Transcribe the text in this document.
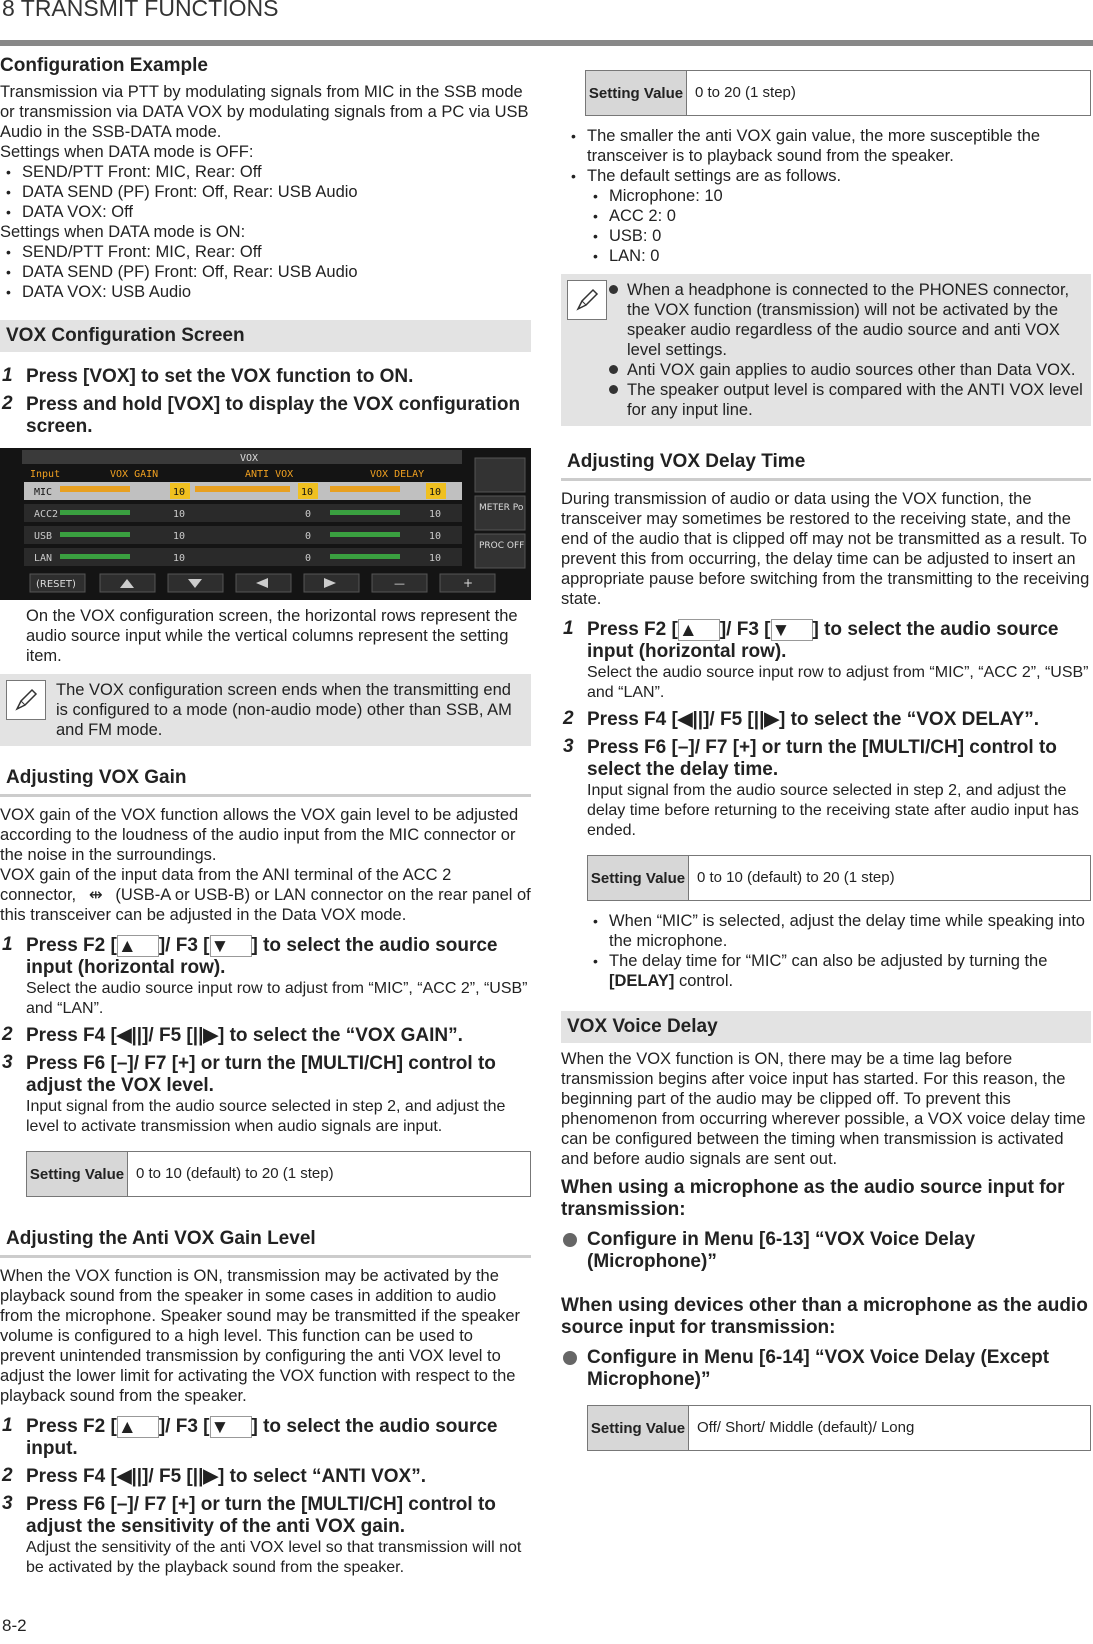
8 TRANSMIT FUNCTIONS
Configuration Example

Transmission via PTT by modulating signals from MIC in the SSB mode or transmission via DATA VOX by modulating signals from a PC via USB Audio in the SSB-DATA mode.

Settings when DATA mode is OFF:

• SEND/PTT Front: MIC, Rear: Off
• DATA SEND (PF) Front: Off, Rear: USB Audio
• DATA VOX: Off

Settings when DATA mode is ON:

• SEND/PTT Front: MIC, Rear: Off
• DATA SEND (PF) Front: Off, Rear: USB Audio
• DATA VOX: USB Audio
VOX Configuration Screen
1 Press [VOX] to set the VOX function to ON.
2 Press and hold [VOX] to display the VOX configuration screen.
VOX
Input	VOX GAIN	ANTI VOX	VOX DELAY
MIC	10	10	10
ACC2	10	0	10
USB	10	0	10
LAN	10	0	10
METER Po
PROC OFF
(RESET)	—	+

On the VOX configuration screen, the horizontal rows represent the audio source input while the vertical columns represent the setting item.

The VOX configuration screen ends when the transmitting end is configured to a mode (non-audio mode) other than SSB, AM and FM mode.
Adjusting VOX Gain

VOX gain of the VOX function allows the VOX gain level to be adjusted according to the loudness of the audio input from the MIC connector or the noise in the surroundings.

VOX gain of the input data from the ANI terminal of the ACC 2 connector, ⇹ (USB-A or USB-B) or LAN connector on the rear panel of this transceiver can be adjusted in the Data VOX mode.

1 Press F2 [▲ ]/ F3 [▼ ] to select the audio source input (horizontal row).
Select the audio source input row to adjust from “MIC”, “ACC 2”, “USB” and “LAN”.
2 Press F4 [◀||]/ F5 [||▶] to select the “VOX GAIN”.
3 Press F6 [–]/ F7 [+] or turn the [MULTI/CH] control to adjust the VOX level.
Input signal from the audio source selected in step 2, and adjust the level to activate transmission when audio signals are input.
Setting Value 0 to 10 (default) to 20 (1 step)
Adjusting the Anti VOX Gain Level

When the VOX function is ON, transmission may be activated by the playback sound from the speaker in some cases in addition to audio from the microphone. Speaker sound may be transmitted if the speaker volume is configured to a high level. This function can be used to prevent unintended transmission by configuring the anti VOX level to adjust the lower limit for activating the VOX function with respect to the playback sound from the speaker.

1 Press F2 [▲ ]/ F3 [▼ ] to select the audio source input.
2 Press F4 [◀||]/ F5 [||▶] to select “ANTI VOX”.
3 Press F6 [–]/ F7 [+] or turn the [MULTI/CH] control to adjust the sensitivity of the anti VOX gain.
Adjust the sensitivity of the anti VOX level so that transmission will not be activated by the playback sound from the speaker.
Setting Value 0 to 20 (1 step)
• The smaller the anti VOX gain value, the more susceptible the transceiver is to playback sound from the speaker.
• The default settings are as follows.
• Microphone: 10
• ACC 2: 0
• USB: 0
• LAN: 0
When a headphone is connected to the PHONES connector, the VOX function (transmission) will not be activated by the speaker audio regardless of the audio source and anti VOX level settings.
Anti VOX gain applies to audio sources other than Data VOX.
The speaker output level is compared with the ANTI VOX level for any input line.
Adjusting VOX Delay Time

During transmission of audio or data using the VOX function, the transceiver may sometimes be restored to the receiving state, and the end of the audio that is clipped off may not be transmitted as a result. To prevent this from occurring, the delay time can be adjusted to insert an appropriate pause before switching from the transmitting to the receiving state.

1 Press F2 [▲ ]/ F3 [▼ ] to select the audio source input (horizontal row).
Select the audio source input row to adjust from “MIC”, “ACC 2”, “USB” and “LAN”.
2 Press F4 [◀||]/ F5 [||▶] to select the “VOX DELAY”.
3 Press F6 [–]/ F7 [+] or turn the [MULTI/CH] control to select the delay time.
Input signal from the audio source selected in step 2, and adjust the delay time before returning to the receiving state after audio input has ended.
Setting Value 0 to 10 (default) to 20 (1 step)
• When “MIC” is selected, adjust the delay time while speaking into the microphone.
• The delay time for “MIC” can also be adjusted by turning the [DELAY] control.
VOX Voice Delay

When the VOX function is ON, there may be a time lag before transmission begins after voice input has started. For this reason, the beginning part of the audio may be clipped off. To prevent this phenomenon from occurring wherever possible, a VOX voice delay time can be configured between the timing when transmission is activated and before audio signals are sent out.

When using a microphone as the audio source input for transmission:
Configure in Menu [6-13] “VOX Voice Delay (Microphone)”
When using devices other than a microphone as the audio source input for transmission:
Configure in Menu [6-14] “VOX Voice Delay (Except Microphone)”
Setting Value Off/ Short/ Middle (default)/ Long
8-2
